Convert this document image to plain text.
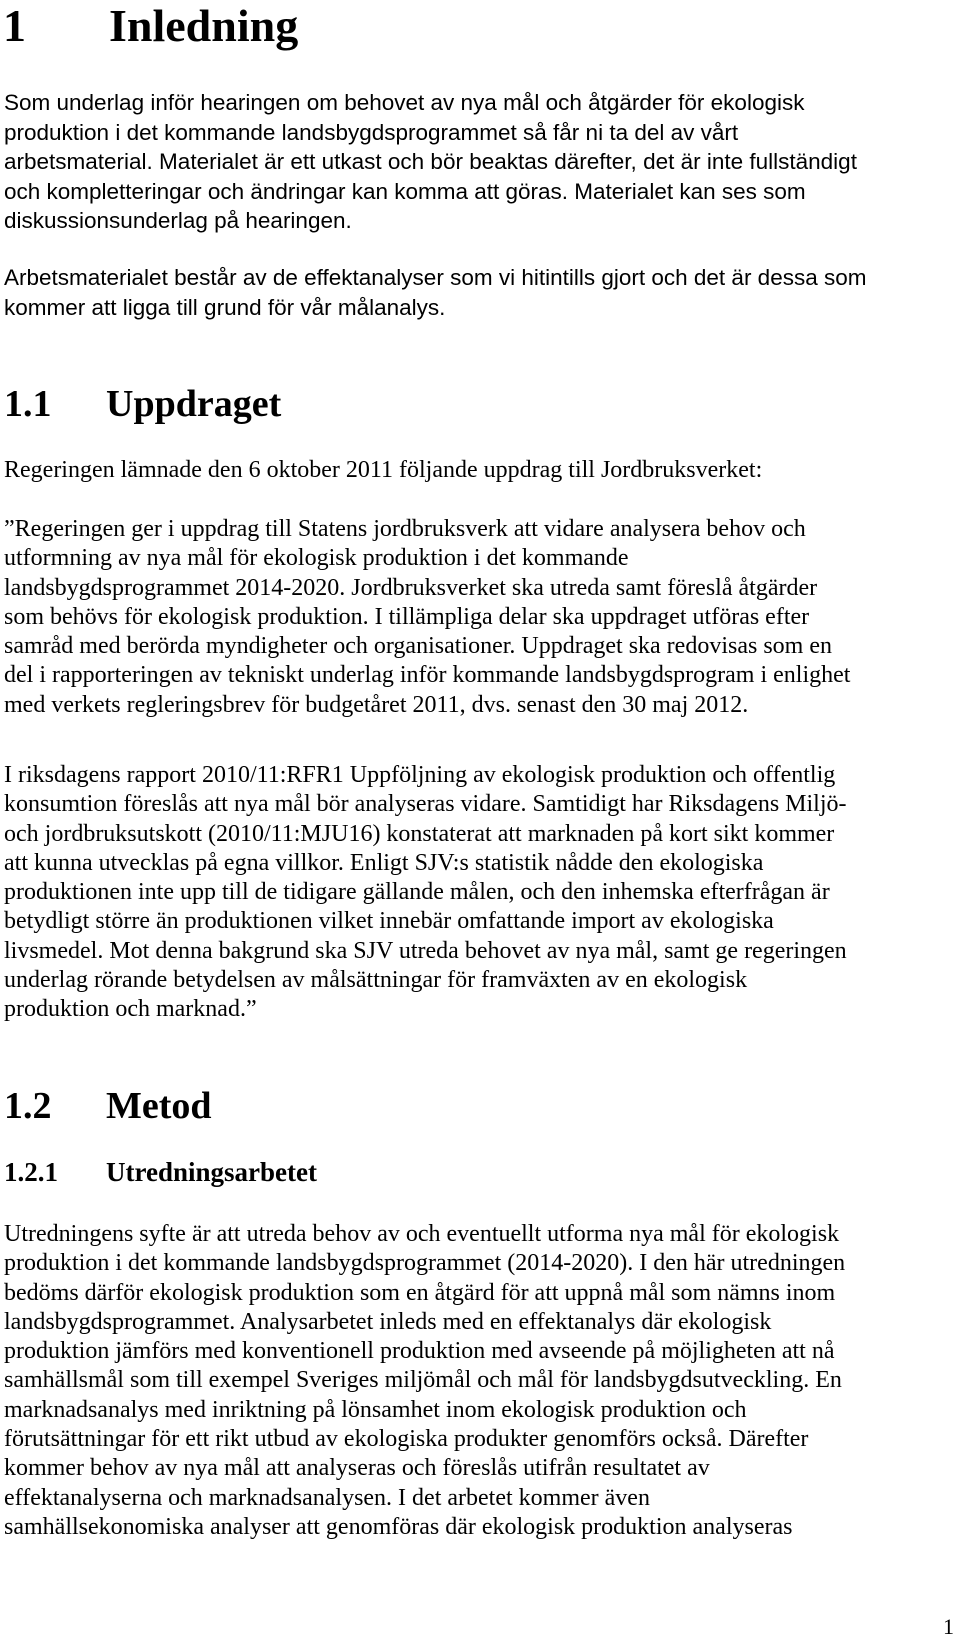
1 Inledning
Som underlag inför hearingen om behovet av nya mål och åtgärder för ekologisk
produktion i det kommande landsbygdsprogrammet så får ni ta del av vårt
arbetsmaterial. Materialet är ett utkast och bör beaktas därefter, det är inte fullständigt
och kompletteringar och ändringar kan komma att göras. Materialet kan ses som
diskussionsunderlag på hearingen.
Arbetsmaterialet består av de effektanalyser som vi hitintills gjort och det är dessa som
kommer att ligga till grund för vår målanalys.
1.1 Uppdraget
Regeringen lämnade den 6 oktober 2011 följande uppdrag till Jordbruksverket:
”Regeringen ger i uppdrag till Statens jordbruksverk att vidare analysera behov och
utformning av nya mål för ekologisk produktion i det kommande
landsbygdsprogrammet 2014-2020. Jordbruksverket ska utreda samt föreslå åtgärder
som behövs för ekologisk produktion. I tillämpliga delar ska uppdraget utföras efter
samråd med berörda myndigheter och organisationer. Uppdraget ska redovisas som en
del i rapporteringen av tekniskt underlag inför kommande landsbygdsprogram i enlighet
med verkets regleringsbrev för budgetåret 2011, dvs. senast den 30 maj 2012.
I riksdagens rapport 2010/11:RFR1 Uppföljning av ekologisk produktion och offentlig
konsumtion föreslås att nya mål bör analyseras vidare. Samtidigt har Riksdagens Miljö-
och jordbruksutskott (2010/11:MJU16) konstaterat att marknaden på kort sikt kommer
att kunna utvecklas på egna villkor. Enligt SJV:s statistik nådde den ekologiska
produktionen inte upp till de tidigare gällande målen, och den inhemska efterfrågan är
betydligt större än produktionen vilket innebär omfattande import av ekologiska
livsmedel. Mot denna bakgrund ska SJV utreda behovet av nya mål, samt ge regeringen
underlag rörande betydelsen av målsättningar för framväxten av en ekologisk
produktion och marknad.”
1.2 Metod
1.2.1 Utredningsarbetet
Utredningens syfte är att utreda behov av och eventuellt utforma nya mål för ekologisk
produktion i det kommande landsbygdsprogrammet (2014-2020). I den här utredningen
bedöms därför ekologisk produktion som en åtgärd för att uppnå mål som nämns inom
landsbygdsprogrammet. Analysarbetet inleds med en effektanalys där ekologisk
produktion jämförs med konventionell produktion med avseende på möjligheten att nå
samhällsmål som till exempel Sveriges miljömål och mål för landsbygdsutveckling. En
marknadsanalys med inriktning på lönsamhet inom ekologisk produktion och
förutsättningar för ett rikt utbud av ekologiska produkter genomförs också. Därefter
kommer behov av nya mål att analyseras och föreslås utifrån resultatet av
effektanalyserna och marknadsanalysen. I det arbetet kommer även
samhällsekonomiska analyser att genomföras där ekologisk produktion analyseras
1
